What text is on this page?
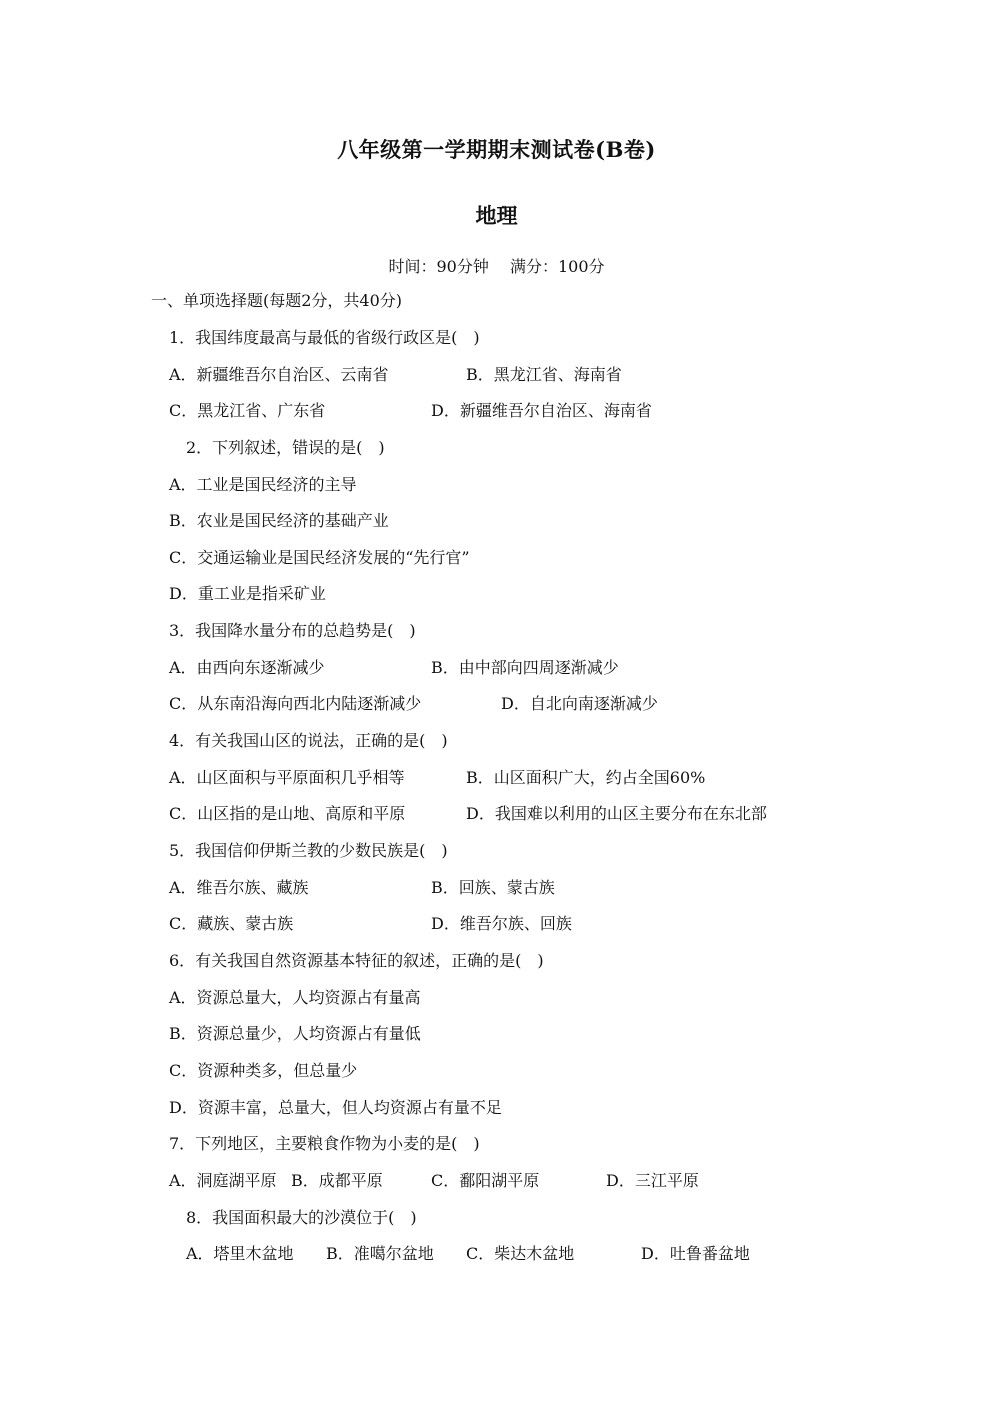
八年级第一学期期末测试卷(B卷)
地理
时间：90分钟 满分：100分
一、单项选择题(每题2分，共40分)
1．我国纬度最高与最低的省级行政区是(　)
A．新疆维吾尔自治区、云南省	B．黑龙江省、海南省
C．黑龙江省、广东省	D．新疆维吾尔自治区、海南省
2．下列叙述，错误的是(　)
A．工业是国民经济的主导
B．农业是国民经济的基础产业
C．交通运输业是国民经济发展的“先行官”
D．重工业是指采矿业
3．我国降水量分布的总趋势是(　)
A．由西向东逐渐减少	B．由中部向四周逐渐减少
C．从东南沿海向西北内陆逐渐减少	D．自北向南逐渐减少
4．有关我国山区的说法，正确的是(　)
A．山区面积与平原面积几乎相等	B．山区面积广大，约占全国60%
C．山区指的是山地、高原和平原	D．我国难以利用的山区主要分布在东北部
5．我国信仰伊斯兰教的少数民族是(　)
A．维吾尔族、藏族	B．回族、蒙古族
C．藏族、蒙古族	D．维吾尔族、回族
6．有关我国自然资源基本特征的叙述，正确的是(　)
A．资源总量大，人均资源占有量高
B．资源总量少，人均资源占有量低
C．资源种类多，但总量少
D．资源丰富，总量大，但人均资源占有量不足
7．下列地区，主要粮食作物为小麦的是(　)
A．洞庭湖平原 B．成都平原	C．鄱阳湖平原	D．三江平原
8．我国面积最大的沙漠位于(　)
A．塔里木盆地 B．准噶尔盆地 C．柴达木盆地	D．吐鲁番盆地
